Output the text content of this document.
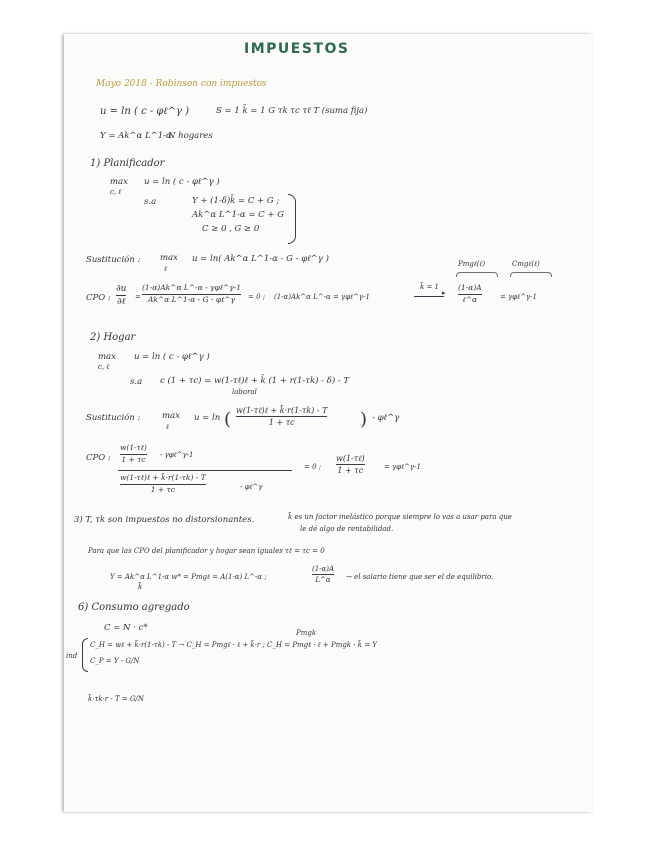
IMPUESTOS
Mayo 2018 - Robinson con impuestos
u = ln ( c - φℓ^γ )	S = 1 k̄ = 1 G τk τc τℓ T (suma fija)
Y = Ak^α L^1-α
N hogares
1) Planificador
max
c, ℓ
u = ln ( c - φℓ^γ )
s.a	Y + (1-δ)k̄ = C + G ;
Ak^α L^1-α = C + G
C ≥ 0 , G ≥ 0
Sustitución : max
ℓ
u = ln( Ak^α L^1-α - G - φℓ^γ )
CPO :
∂u
∂ℓ
=
(1-α)Ak^α L^-α - γφℓ^γ-1
Ak^α L^1-α - G - φℓ^γ = 0 ; (1-α)Ak^α L^-α = γφℓ^γ-1
k̄ = 1
▸
Pmgℓ(ℓ)
(1-α)A
ℓ^α
Cmgℓ(ℓ)
= γφℓ^γ-1
2) Hogar
max
c, ℓ
u = ln ( c - φℓ^γ )
s.a c (1 + τc) = w(1-τℓ)ℓ + k̄ (1 + r(1-τk) - δ) - T
laboral
Sustitución :	max
ℓ
u = ln ( w(1-τℓ)ℓ + k̄·r(1-τk) - T
1 + τc	) - φℓ^γ
CPO :
w(1-τℓ)
1 + τc - γφℓ^γ-1
w(1-τℓ)ℓ + k̄·r(1-τk) - T
1 + τc	- φℓ^γ
= 0 ;
w(1-τℓ)
1 + τc	= γφℓ^γ-1
3) T, τk son impuestos no distorsionantes.	k̄ es un factor inelástico porque siempre lo vas a usar para que
le dé algo de rentabilidad.
Para que las CPO del planificador y hogar sean iguales τℓ = τc = 0
Y = Ak^α L^1-α w* = Pmgℓ = A(1-α) L^-α ;
k̄
(1-α)A
L^α → el salario tiene que ser el de equilibrio.
6) Consumo agregado
C = N · c*
ind
C_H = wℓ + k̄·r(1-τk) - T → C_H = Pmgℓ · ℓ + k̄·r ; C_H = Pmgℓ · ℓ + Pmgk · k̄ = Y
Pmgk
C_P = Y - G/N
k̄·τk·r - T = G/N
